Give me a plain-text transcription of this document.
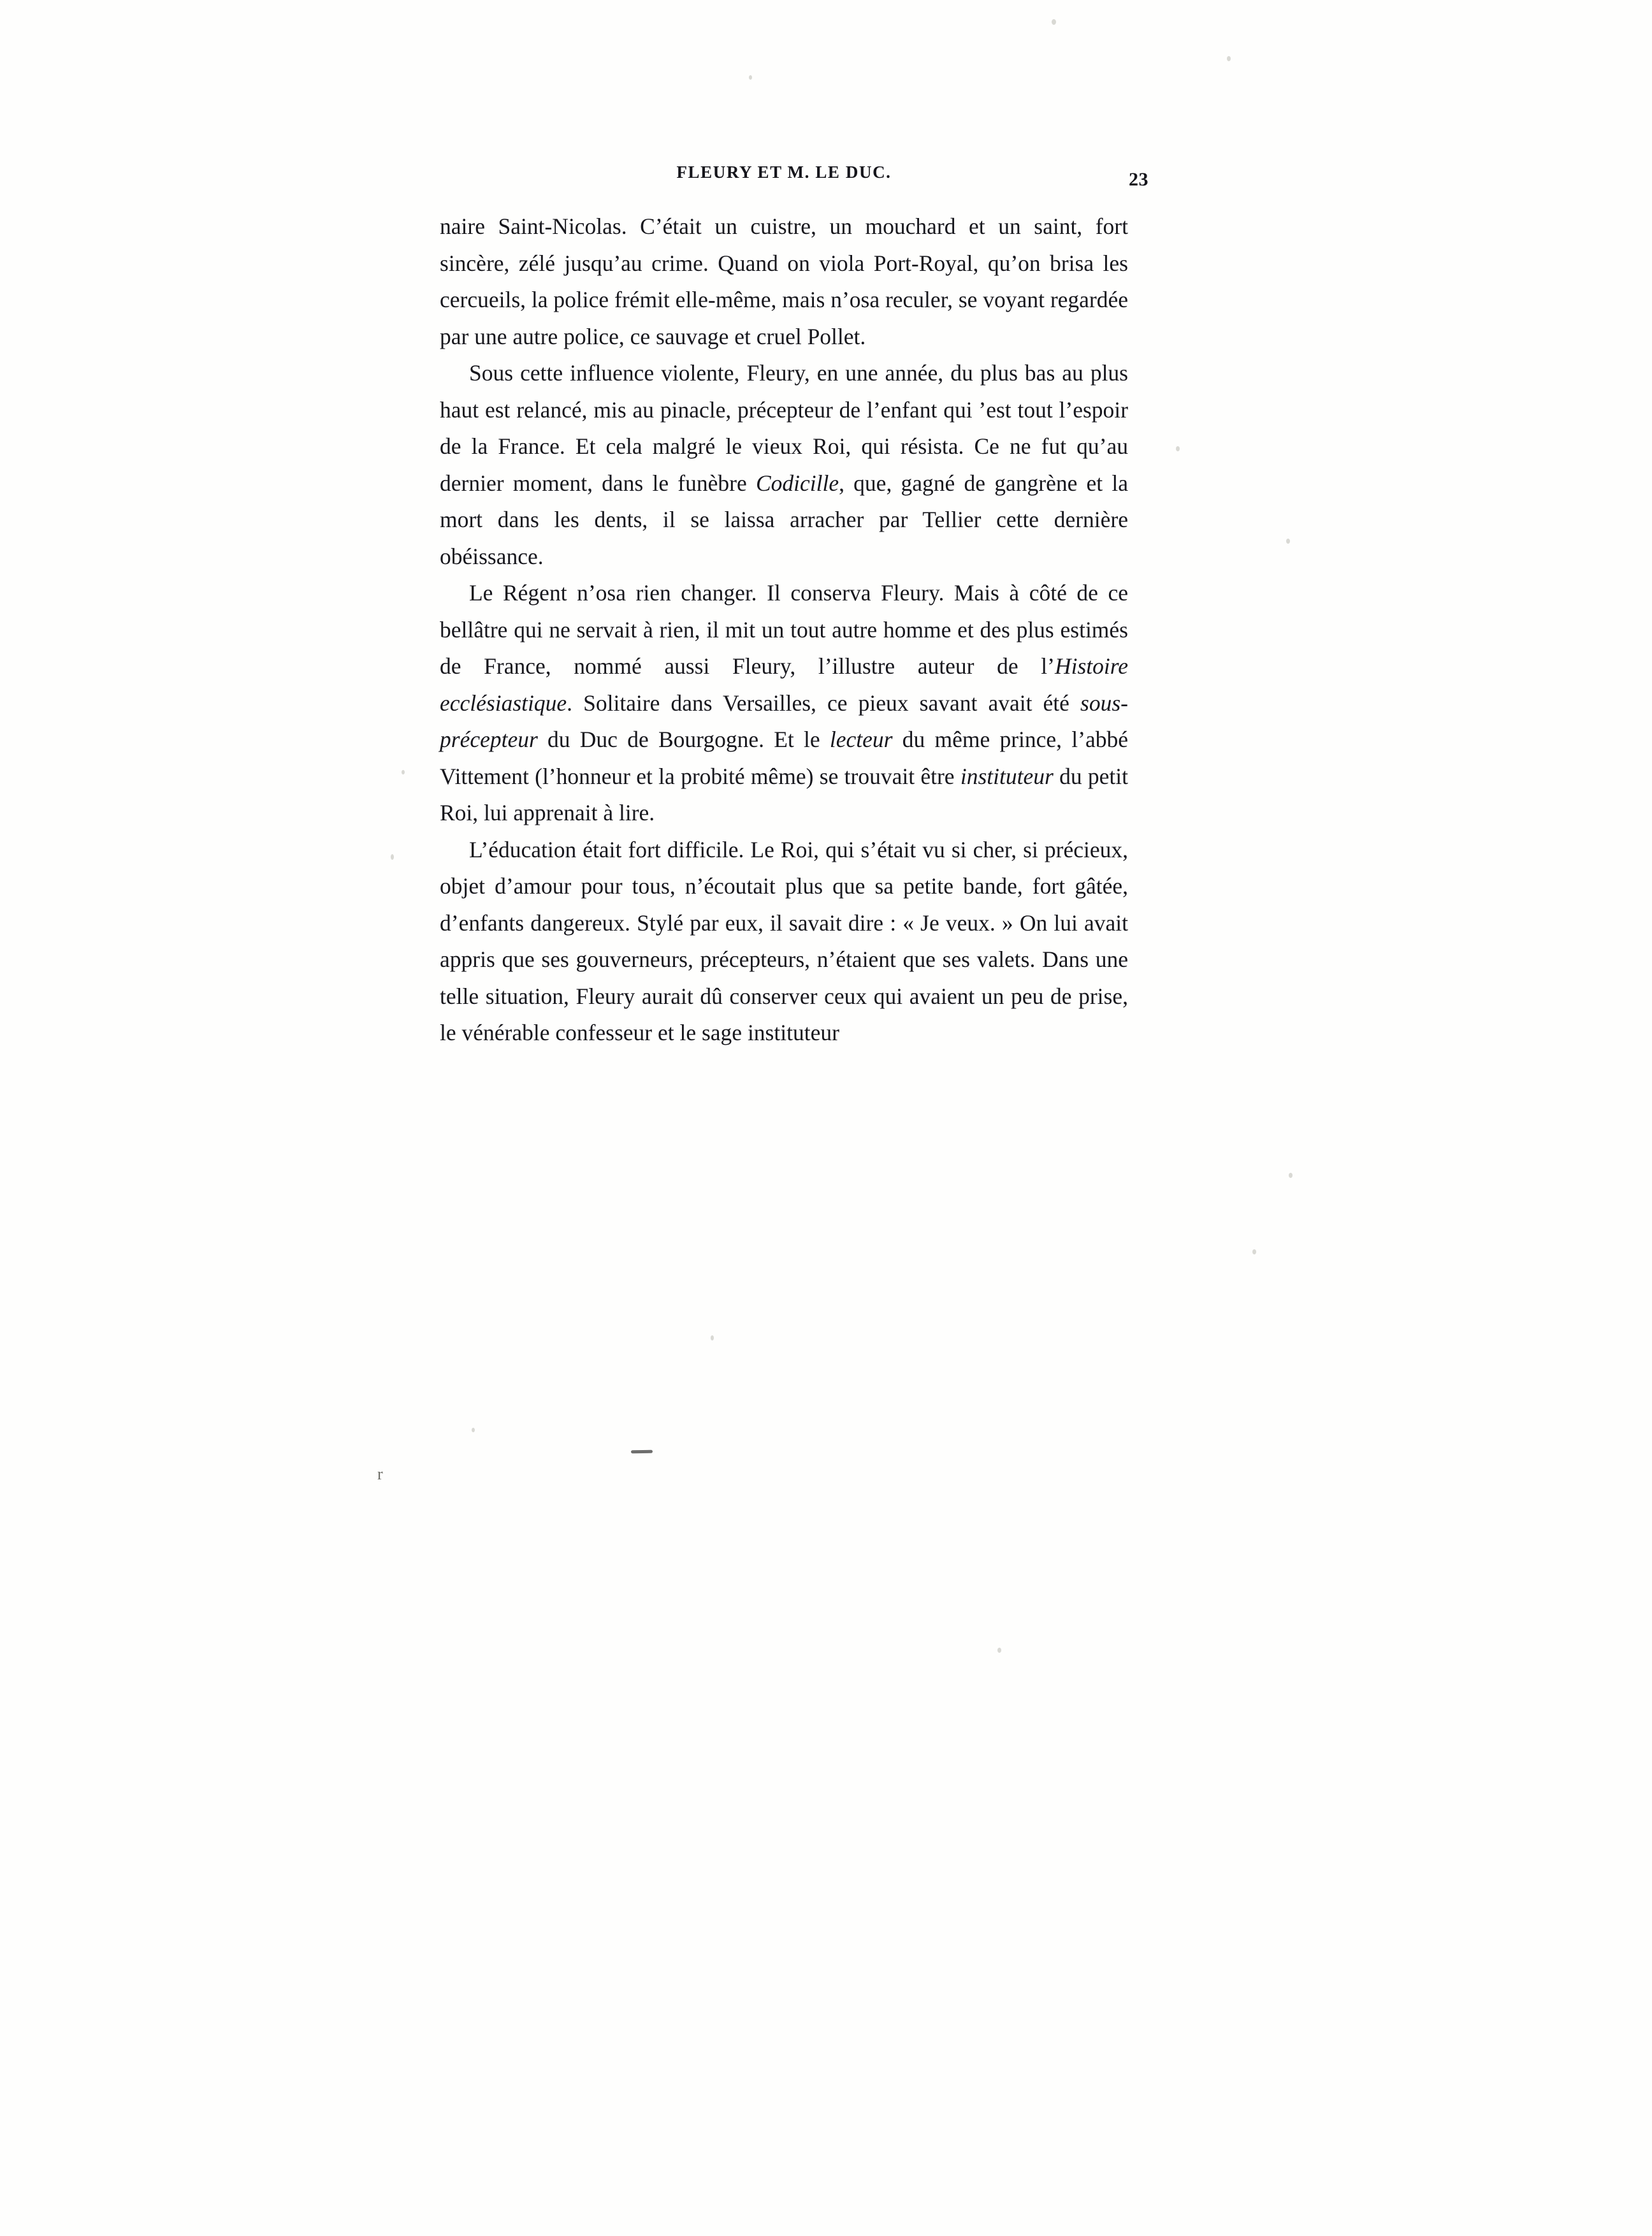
r
FLEURY ET M. LE DUC.	23

naire Saint-Nicolas. C’était un cuistre, un mouchard et un saint, fort sincère, zélé jusqu’au crime. Quand on viola Port-Royal, qu’on brisa les cercueils, la police frémit elle-même, mais n’osa reculer, se voyant regardée par une autre police, ce sauvage et cruel Pollet.

Sous cette influence violente, Fleury, en une année, du plus bas au plus haut est relancé, mis au pinacle, précepteur de l’enfant qui ’est tout l’espoir de la France. Et cela malgré le vieux Roi, qui résista. Ce ne fut qu’au dernier moment, dans le funèbre Codicille, que, gagné de gangrène et la mort dans les dents, il se laissa arracher par Tellier cette dernière obéissance.

Le Régent n’osa rien changer. Il conserva Fleury. Mais à côté de ce bellâtre qui ne servait à rien, il mit un tout autre homme et des plus estimés de France, nommé aussi Fleury, l’illustre auteur de l’Histoire ecclésiastique. Solitaire dans Versailles, ce pieux savant avait été sous-précepteur du Duc de Bourgogne. Et le lecteur du même prince, l’abbé Vittement (l’honneur et la probité même) se trouvait être instituteur du petit Roi, lui apprenait à lire.

L’éducation était fort difficile. Le Roi, qui s’était vu si cher, si précieux, objet d’amour pour tous, n’écoutait plus que sa petite bande, fort gâtée, d’enfants dangereux. Stylé par eux, il savait dire : « Je veux. » On lui avait appris que ses gouverneurs, précepteurs, n’étaient que ses valets. Dans une telle situation, Fleury aurait dû conserver ceux qui avaient un peu de prise, le vénérable confesseur et le sage instituteur
